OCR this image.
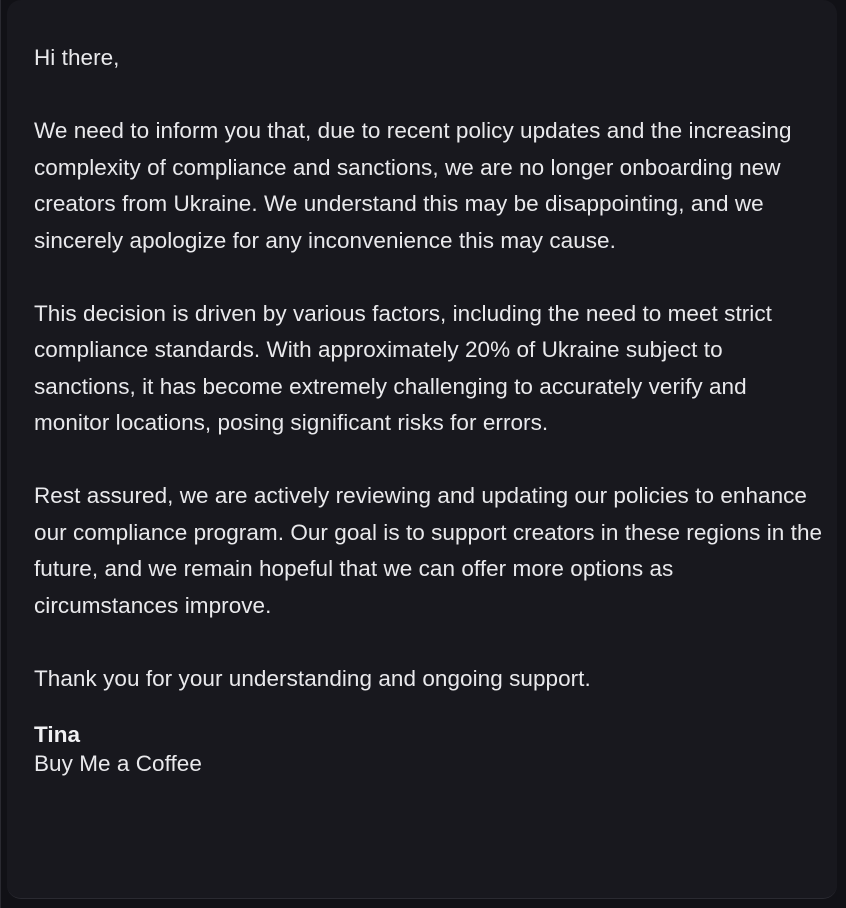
Hi there,

We need to inform you that, due to recent policy updates and the increasing complexity of compliance and sanctions, we are no longer onboarding new creators from Ukraine. We understand this may be disappointing, and we sincerely apologize for any inconvenience this may cause.

This decision is driven by various factors, including the need to meet strict compliance standards. With approximately 20% of Ukraine subject to sanctions, it has become extremely challenging to accurately verify and monitor locations, posing significant risks for errors.

Rest assured, we are actively reviewing and updating our policies to enhance our compliance program. Our goal is to support creators in these regions in the future, and we remain hopeful that we can offer more options as circumstances improve.

Thank you for your understanding and ongoing support.

Tina
Buy Me a Coffee
